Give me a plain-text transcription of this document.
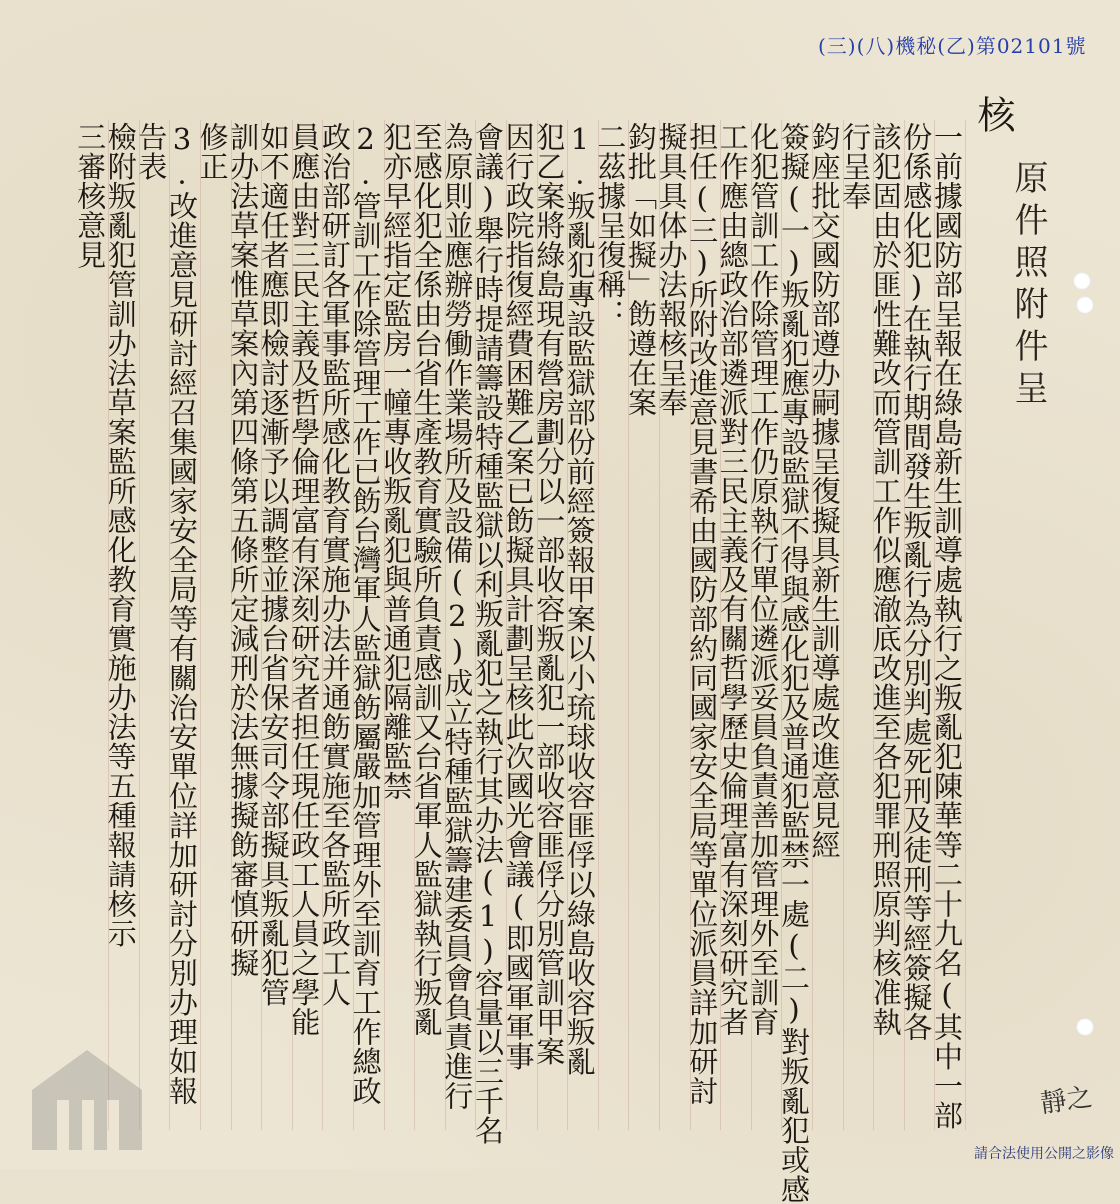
(三)(八)機秘(乙)第02101號
核
原件照附件呈
一前據國防部呈報在綠島新生訓導處執行之叛亂犯陳華等二十九名(其中一部
份係感化犯)在執行期間發生叛亂行為分別判處死刑及徒刑等經簽擬各
該犯固由於匪性難改而管訓工作似應澈底改進至各犯罪刑照原判核准執
行呈奉
鈞座批交國防部遵办嗣據呈復擬具新生訓導處改進意見經
簽擬(一)叛亂犯應專設監獄不得與感化犯及普通犯監禁一處(二)對叛亂犯或感
化犯管訓工作除管理工作仍原執行單位遴派妥員負責善加管理外至訓育
工作應由總政治部遴派對三民主義及有關哲學歷史倫理富有深刻研究者
担任(三)所附改進意見書希由國防部約同國家安全局等單位派員詳加研討
擬具具体办法報核呈奉
鈞批「如擬」飭遵在案
二茲據呈復稱：
1.叛亂犯專設監獄部份前經簽報甲案以小琉球收容匪俘以綠島收容叛亂
犯乙案將綠島現有營房劃分以一部收容叛亂犯一部收容匪俘分別管訓甲案
因行政院指復經費困難乙案已飭擬具計劃呈核此次國光會議(即國軍軍事
會議)舉行時提請籌設特種監獄以利叛亂犯之執行其办法(1)容量以三千名
為原則並應辦勞働作業場所及設備(2)成立特種監獄籌建委員會負責進行
至感化犯全係由台省生產教育實驗所負責感訓又台省軍人監獄執行叛亂
犯亦早經指定監房一幢專收叛亂犯與普通犯隔離監禁
2.管訓工作除管理工作已飭台灣軍人監獄飭屬嚴加管理外至訓育工作總政
政治部研訂各軍事監所感化教育實施办法并通飭實施至各監所政工人
員應由對三民主義及哲學倫理富有深刻研究者担任現任政工人員之學能
如不適任者應即檢討逐漸予以調整並據台省保安司令部擬具叛亂犯管
訓办法草案惟草案內第四條第五條所定減刑於法無據擬飭審慎研擬
修正
3.改進意見研討經召集國家安全局等有關治安單位詳加研討分別办理如報
告表
檢附叛亂犯管訓办法草案監所感化教育實施办法等五種報請核示
三審核意見
靜之
請合法使用公開之影像
